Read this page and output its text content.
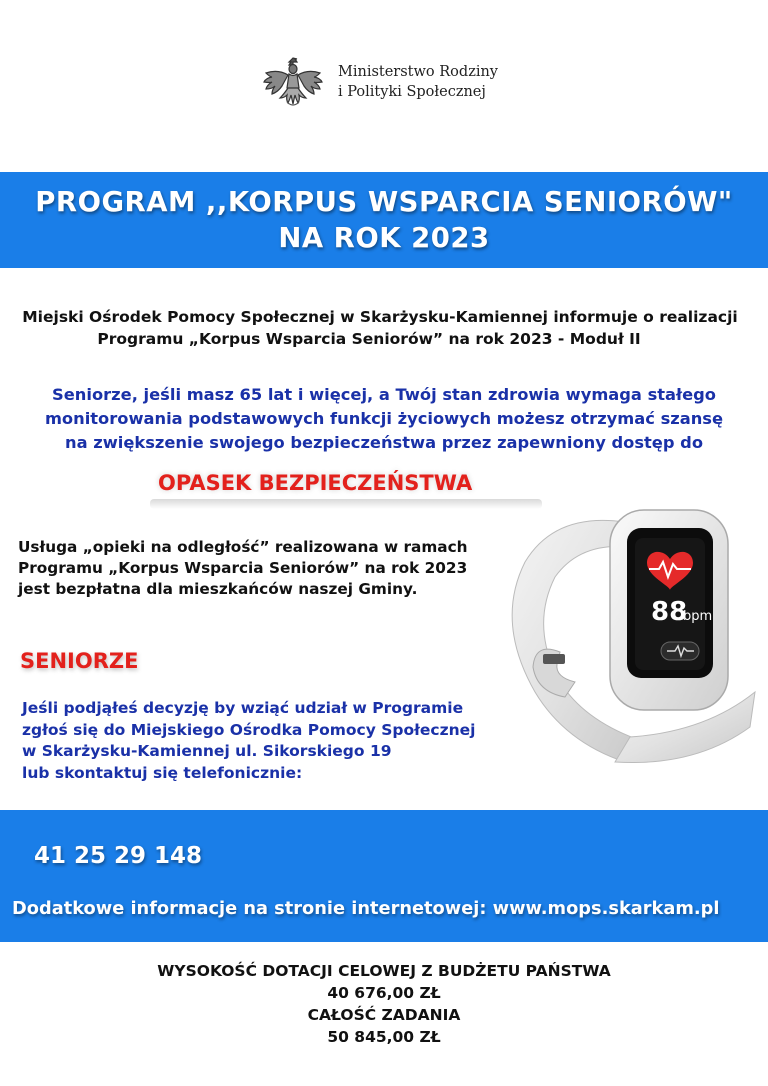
Ministerstwo Rodziny
i Polityki Społecznej
PROGRAM ,,KORPUS WSPARCIA SENIORÓW"
NA ROK 2023
Miejski Ośrodek Pomocy Społecznej w Skarżysku-Kamiennej informuje o realizacji
Programu „Korpus Wsparcia Seniorów” na rok 2023 - Moduł II
Seniorze, jeśli masz 65 lat i więcej, a Twój stan zdrowia wymaga stałego
monitorowania podstawowych funkcji życiowych możesz otrzymać szansę
na zwiększenie swojego bezpieczeństwa przez zapewniony dostęp do
OPASEK BEZPIECZEŃSTWA
Usługa „opieki na odległość” realizowana w ramach
Programu „Korpus Wsparcia Seniorów” na rok 2023
jest bezpłatna dla mieszkańców naszej Gminy.
88
bpm
SENIORZE
Jeśli podjąłeś decyzję by wziąć udział w Programie
zgłoś się do Miejskiego Ośrodka Pomocy Społecznej
w Skarżysku-Kamiennej ul. Sikorskiego 19
lub skontaktuj się telefonicznie:
41 25 29 148
Dodatkowe informacje na stronie internetowej: www.mops.skarkam.pl
WYSOKOŚĆ DOTACJI CELOWEJ Z BUDŻETU PAŃSTWA
40 676,00 ZŁ
CAŁOŚĆ ZADANIA
50 845,00 ZŁ
